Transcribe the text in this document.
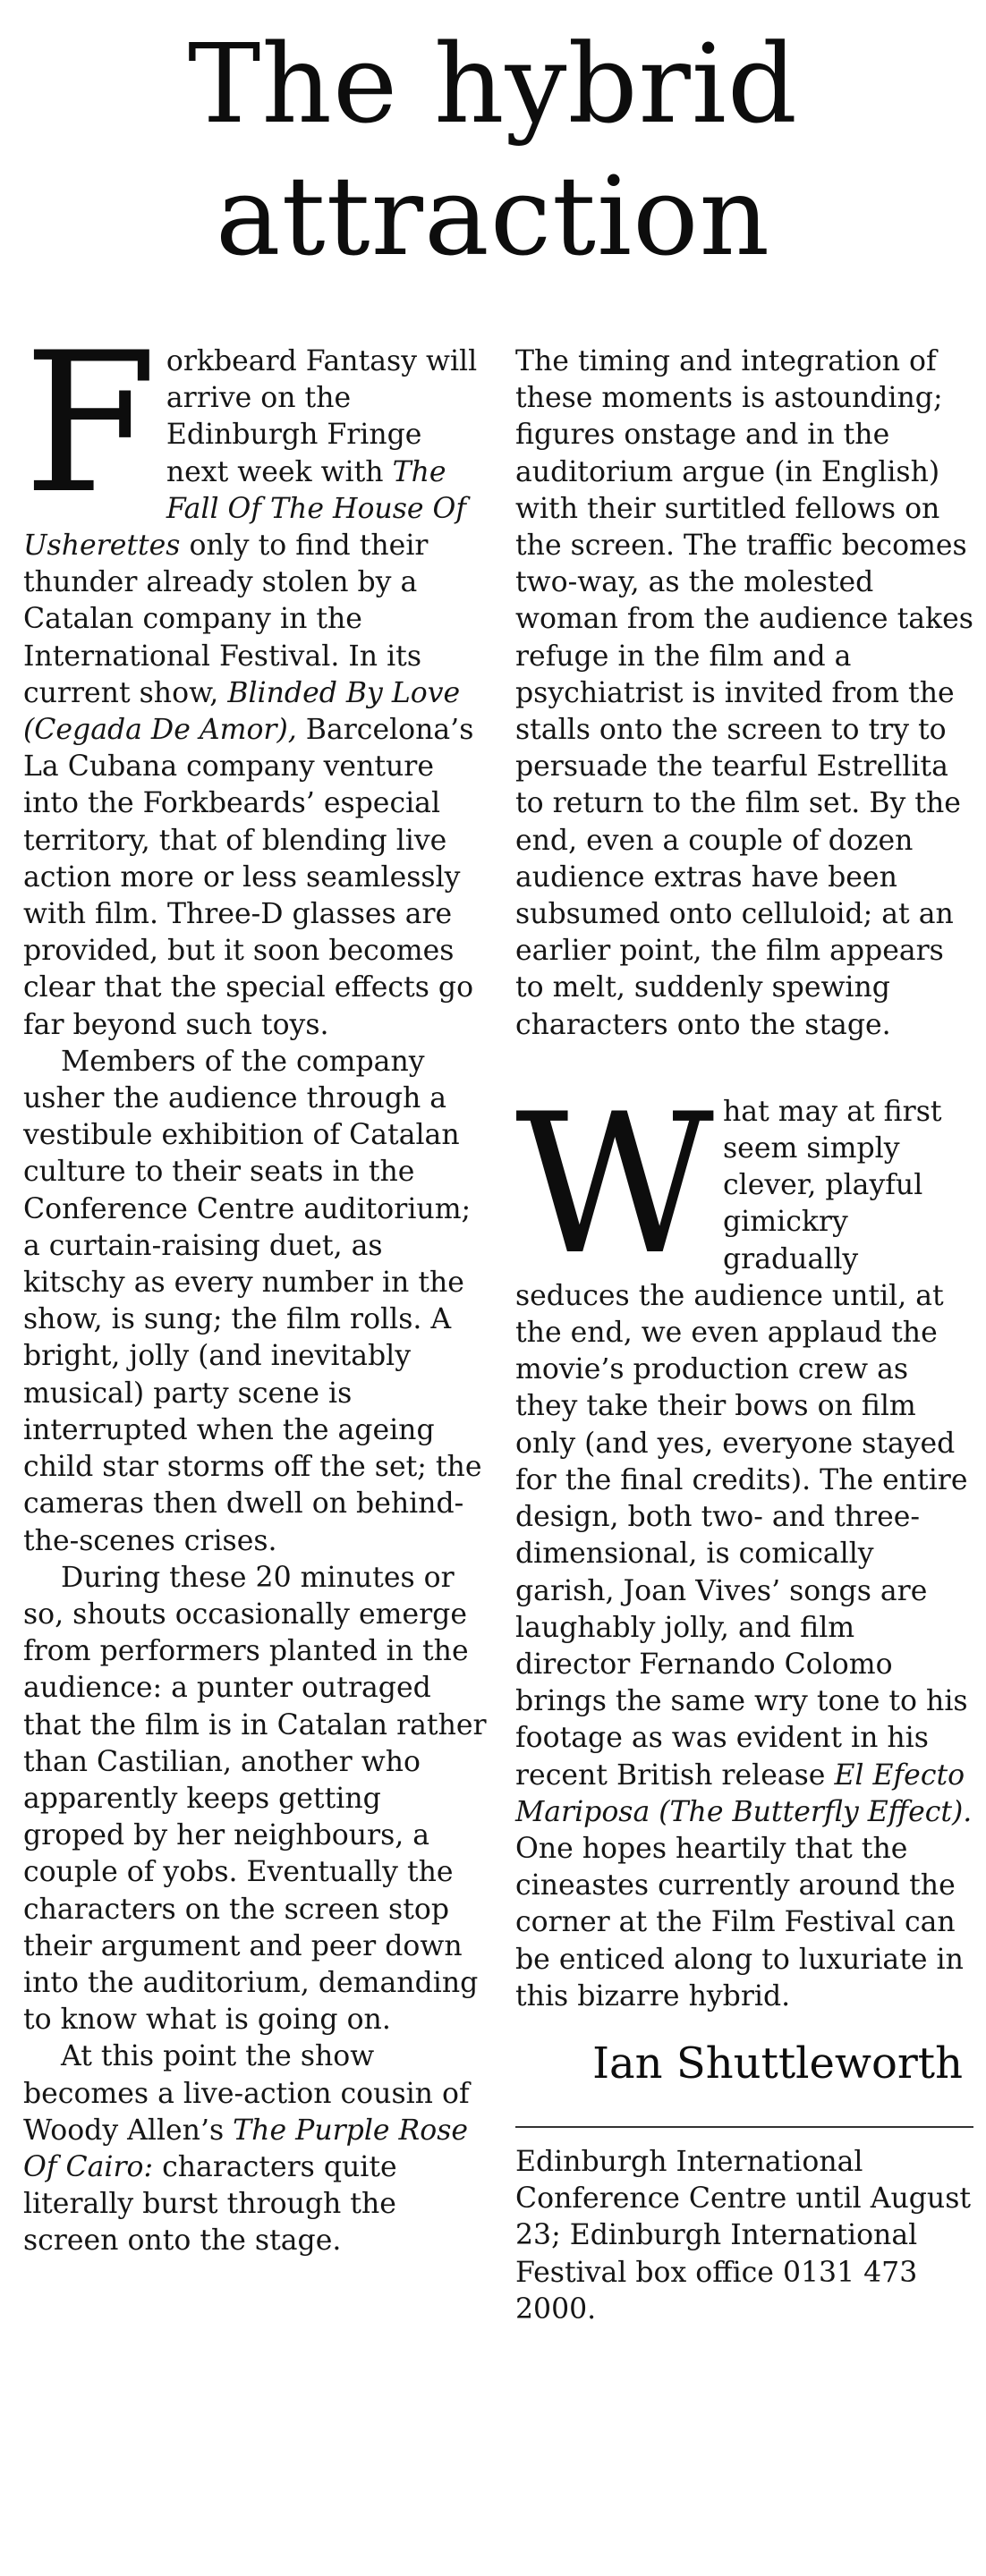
The hybrid
attraction

Forkbeard Fantasy will arrive on the Edinburgh Fringe next week with The Fall Of The House Of Usherettes only to find their thunder already stolen by a Catalan company in the International Festival. In its current show, Blinded By Love (Cegada De Amor), Barcelona’s La Cubana company venture into the Forkbeards’ especial territory, that of blending live action more or less seamlessly with film. Three-D glasses are provided, but it soon becomes clear that the special effects go far beyond such toys.

Members of the company usher the audience through a vestibule exhibition of Catalan culture to their seats in the Conference Centre auditorium; a curtain-raising duet, as kitschy as every number in the show, is sung; the film rolls. A bright, jolly (and inevitably musical) party scene is interrupted when the ageing child star storms off the set; the cameras then dwell on behind-the-scenes crises.

During these 20 minutes or so, shouts occasionally emerge from performers planted in the audience: a punter outraged that the film is in Catalan rather than Castilian, another who apparently keeps getting groped by her neighbours, a couple of yobs. Eventually the characters on the screen stop their argument and peer down into the auditorium, demanding to know what is going on.

At this point the show becomes a live-action cousin of Woody Allen’s The Purple Rose Of Cairo: characters quite literally burst through the screen onto the stage.

The timing and integration of these moments is astounding; figures onstage and in the auditorium argue (in English) with their surtitled fellows on the screen. The traffic becomes two-way, as the molested woman from the audience takes refuge in the film and a psychiatrist is invited from the stalls onto the screen to try to persuade the tearful Estrellita to return to the film set. By the end, even a couple of dozen audience extras have been subsumed onto celluloid; at an earlier point, the film appears to melt, suddenly spewing characters onto the stage.

What may at first seem simply clever, playful gimickry gradually seduces the audience until, at the end, we even applaud the movie’s production crew as they take their bows on film only (and yes, everyone stayed for the final credits). The entire design, both two- and three-dimensional, is comically garish, Joan Vives’ songs are laughably jolly, and film director Fernando Colomo brings the same wry tone to his footage as was evident in his recent British release El Efecto Mariposa (The Butterfly Effect). One hopes heartily that the cineastes currently around the corner at the Film Festival can be enticed along to luxuriate in this bizarre hybrid.

Ian Shuttleworth

Edinburgh International Conference Centre until August 23; Edinburgh International Festival box office 0131 473 2000.
